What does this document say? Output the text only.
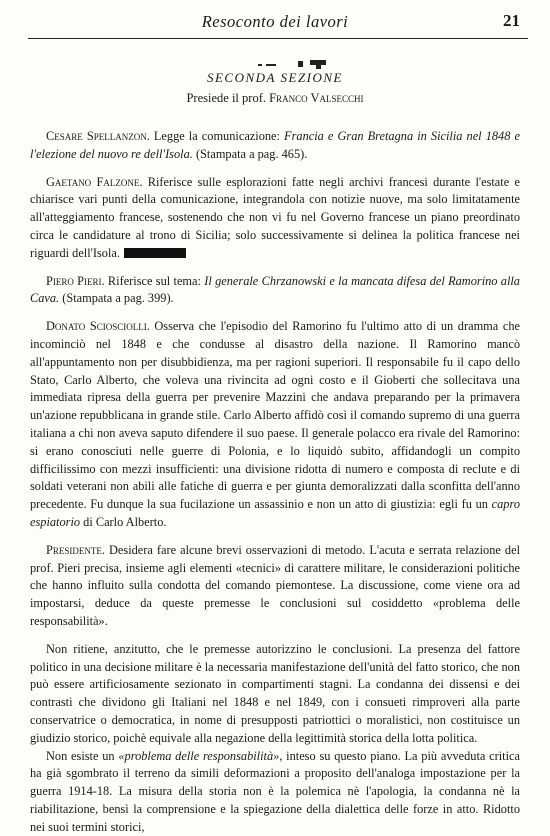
Resoconto dei lavori	21
SECONDA SEZIONE
Presiede il prof. Franco Valsecchi

Cesare Spellanzon. Legge la comunicazione: Francia e Gran Bretagna in Sicilia nel 1848 e l'elezione del nuovo re dell'Isola. (Stampata a pag. 465).

Gaetano Falzone. Riferisce sulle esplorazioni fatte negli archivi francesi durante l'estate e chiarisce vari punti della comunicazione, integrandola con notizie nuove, ma solo limitatamente all'atteggiamento francese, sostenendo che non vi fu nel Governo francese un piano preordinato circa le candidature al trono di Sicilia; solo successivamente si delinea la politica francese nei riguardi dell'Isola.

Piero Pieri. Riferisce sul tema: Il generale Chrzanowski e la mancata difesa del Ramorino alla Cava. (Stampata a pag. 399).

Donato Sciosciolli. Osserva che l'episodio del Ramorino fu l'ultimo atto di un dramma che incominciò nel 1848 e che condusse al disastro della nazione. Il Ramorino mancò all'appuntamento non per disubbidienza, ma per ragioni superiori. Il responsabile fu il capo dello Stato, Carlo Alberto, che voleva una rivincita ad ogni costo e il Gioberti che sollecitava una immediata ripresa della guerra per prevenire Mazzini che andava preparando per la primavera un'azione repubblicana in grande stile. Carlo Alberto affidò così il comando supremo di una guerra italiana a chi non aveva saputo difendere il suo paese. Il generale polacco era rivale del Ramorino: si erano conosciuti nelle guerre di Polonia, e lo liquidò subito, affidandogli un compito difficilissimo con mezzi insufficienti: una divisione ridotta di numero e composta di reclute e di soldati veterani non abili alle fatiche di guerra e per giunta demoralizzati dalla sconfitta dell'anno precedente. Fu dunque la sua fucilazione un assassinio e non un atto di giustizia: egli fu un capro espiatorio di Carlo Alberto.

Presidente. Desidera fare alcune brevi osservazioni di metodo. L'acuta e serrata relazione del prof. Pieri precisa, insieme agli elementi «tecnici» di carattere militare, le considerazioni politiche che hanno influito sulla condotta del comando piemontese. La discussione, come viene ora ad impostarsi, deduce da queste premesse le conclusioni sul cosiddetto «problema delle responsabilità».

Non ritiene, anzitutto, che le premesse autorizzino le conclusioni. La presenza del fattore politico in una decisione militare è la necessaria manifestazione dell'unità del fatto storico, che non può essere artificiosamente sezionato in compartimenti stagni. La condanna dei dissensi e dei contrasti che dividono gli Italiani nel 1848 e nel 1849, con i consueti rimproveri alla parte conservatrice o democratica, in nome di presupposti patriottici o moralistici, non costituisce un giudizio storico, poichè equivale alla negazione della legittimità storica della lotta politica.

Non esiste un «problema delle responsabilità», inteso su questo piano. La più avveduta critica ha già sgombrato il terreno da simili deformazioni a proposito dell'analoga impostazione per la guerra 1914-18. La misura della storia non è la polemica nè l'apologia, la condanna nè la riabilitazione, bensì la comprensione e la spiegazione della dialettica delle forze in atto. Ridotto nei suoi termini storici,
